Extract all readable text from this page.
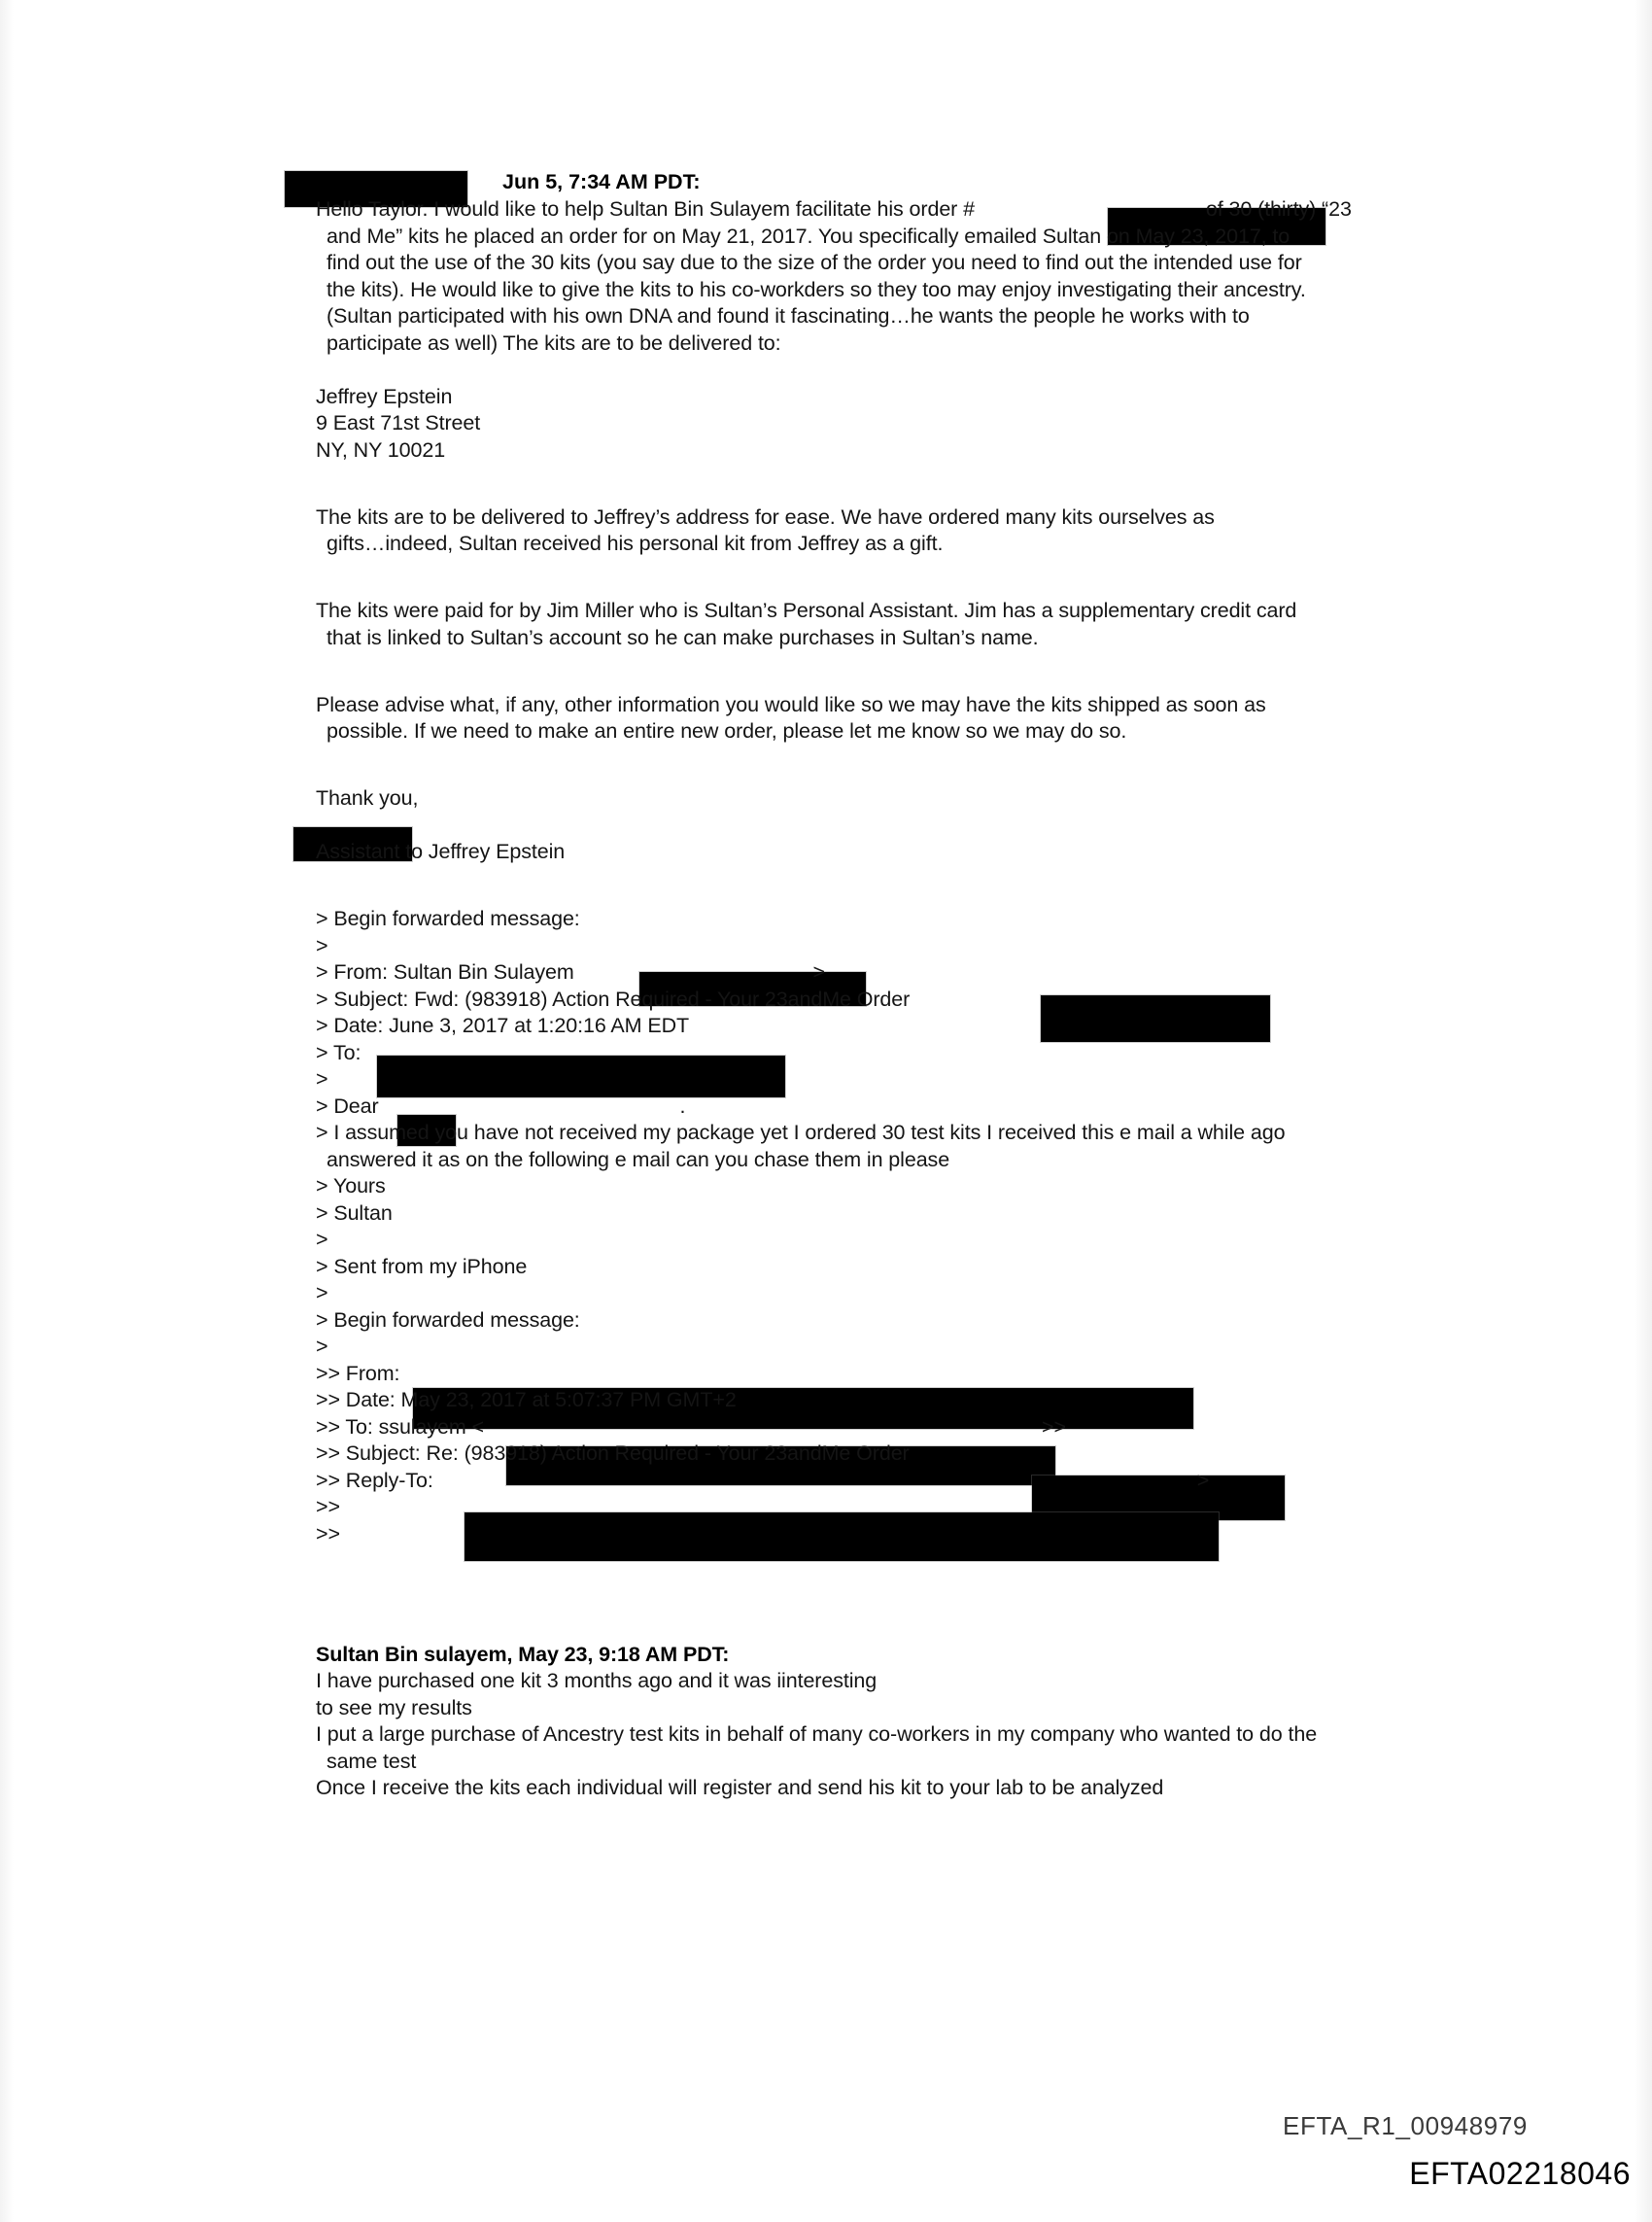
Jun 5, 7:34 AM PDT:
Hello Taylor. I would like to help Sultan Bin Sulayem facilitate his order #	of 30 (thirty) “23
and Me” kits he placed an order for on May 21, 2017. You specifically emailed Sultan on May 23, 2017, to
find out the use of the 30 kits (you say due to the size of the order you need to find out the intended use for
the kits). He would like to give the kits to his co-workders so they too may enjoy investigating their ancestry.
(Sultan participated with his own DNA and found it fascinating…he wants the people he works with to
participate as well) The kits are to be delivered to:
Jeffrey Epstein
9 East 71st Street
NY, NY 10021
The kits are to be delivered to Jeffrey’s address for ease. We have ordered many kits ourselves as
gifts…indeed, Sultan received his personal kit from Jeffrey as a gift.
The kits were paid for by Jim Miller who is Sultan’s Personal Assistant. Jim has a supplementary credit card
that is linked to Sultan’s account so he can make purchases in Sultan’s name.
Please advise what, if any, other information you would like so we may have the kits shipped as soon as
possible. If we need to make an entire new order, please let me know so we may do so.
Thank you,

Assistant to Jeffrey Epstein
> Begin forwarded message:
>
> From: Sultan Bin Sulayem	>
> Subject: Fwd: (983918) Action Required - Your 23andMe Order
> Date: June 3, 2017 at 1:20:16 AM EDT
> To:
>
> Dear	.
> I assumed you have not received my package yet I ordered 30 test kits I received this e mail a while ago
answered it as on the following e mail can you chase them in please
> Yours
> Sultan
>
> Sent from my iPhone
>
> Begin forwarded message:
>
>> From:
>> Date: May 23, 2017 at 5:07:37 PM GMT+2
>> To: ssulayem <	>>
>> Subject: Re: (983918) Action Required - Your 23andMe Order
>> Reply-To:	>
>>
>>
Sultan Bin sulayem, May 23, 9:18 AM PDT:
I have purchased one kit 3 months ago and it was iinteresting
to see my results
I put a large purchase of Ancestry test kits in behalf of many co-workers in my company who wanted to do the
same test
Once I receive the kits each individual will register and send his kit to your lab to be analyzed
EFTA_R1_00948979
EFTA02218046
